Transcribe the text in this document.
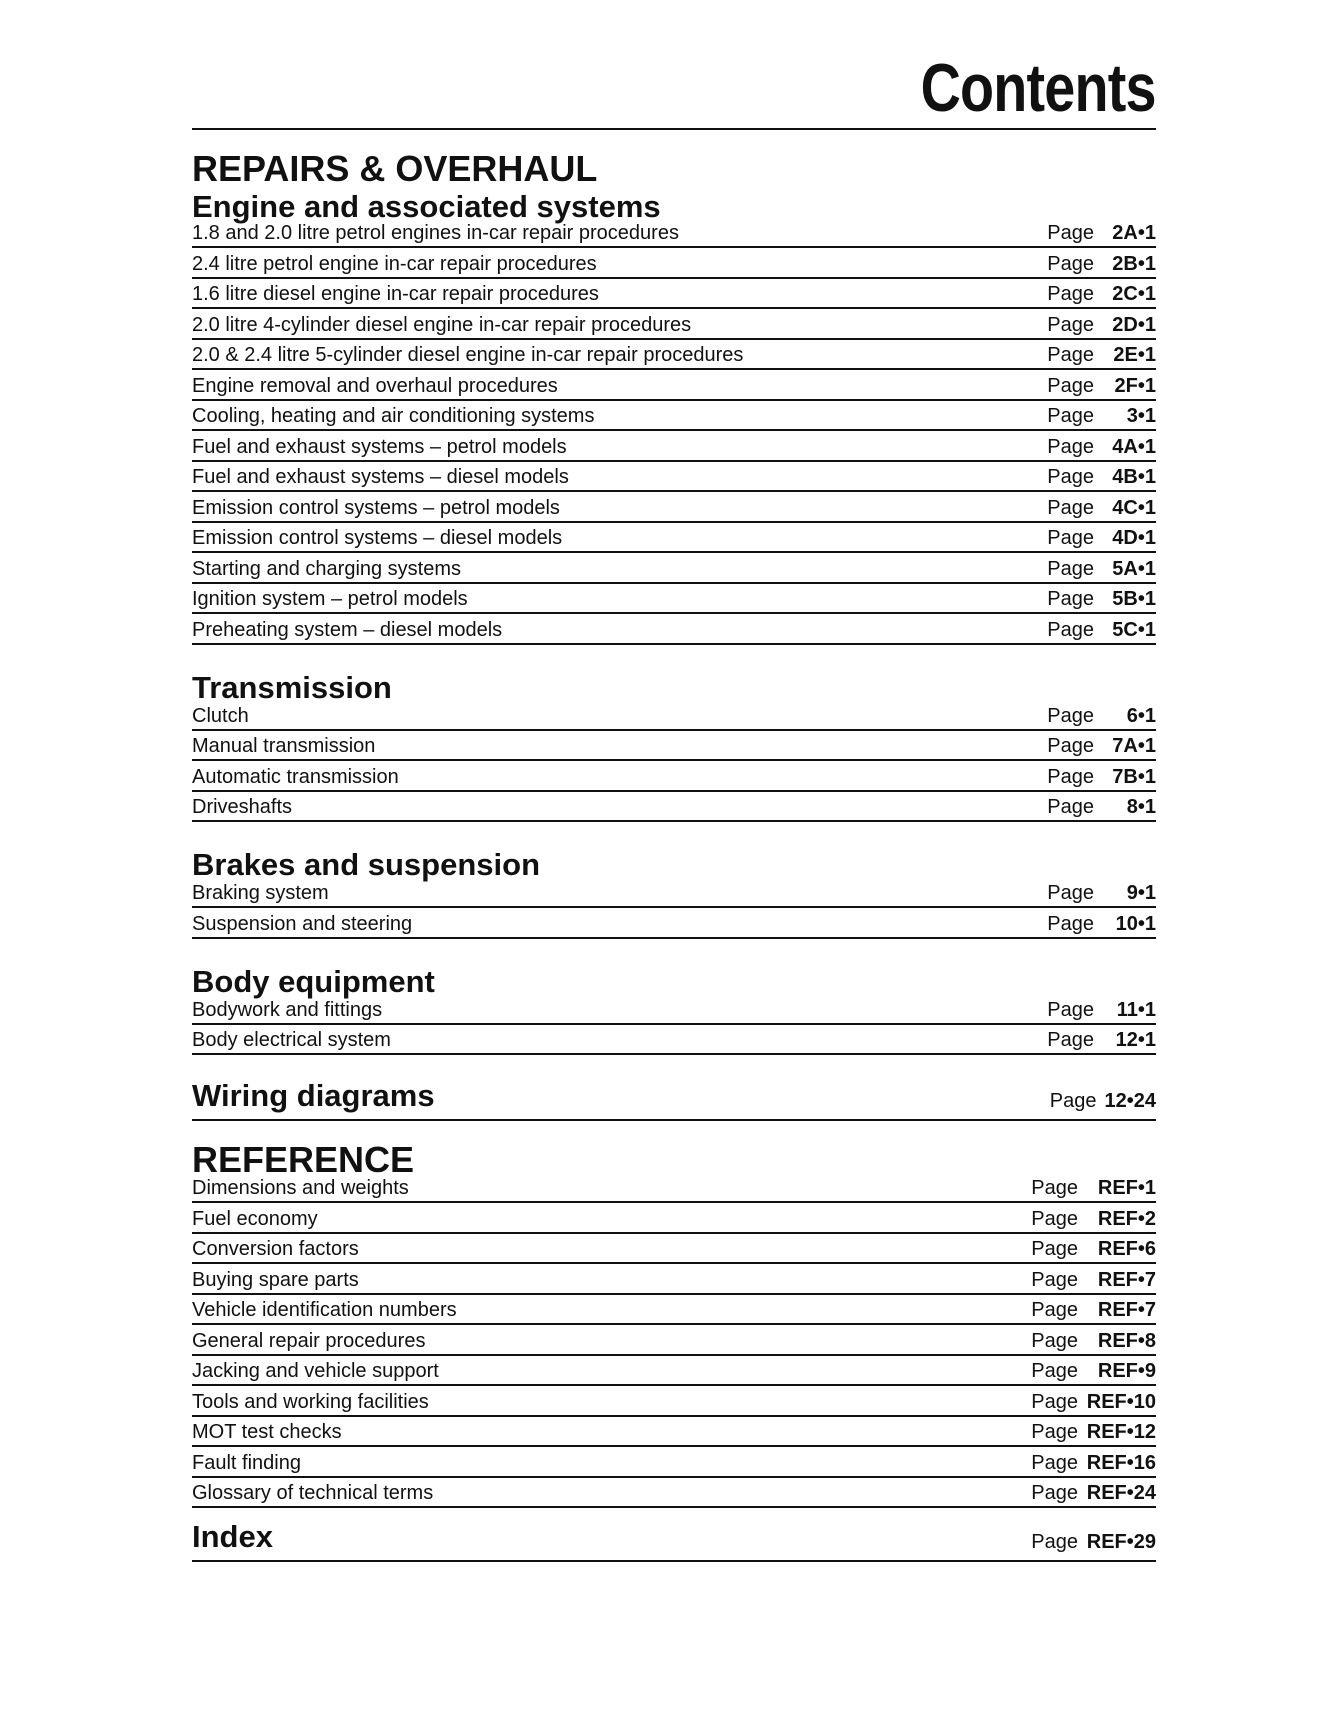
Contents
REPAIRS & OVERHAUL
Engine and associated systems
1.8 and 2.0 litre petrol engines in-car repair procedures	Page 2A•1
2.4 litre petrol engine in-car repair procedures	Page 2B•1
1.6 litre diesel engine in-car repair procedures	Page 2C•1
2.0 litre 4-cylinder diesel engine in-car repair procedures	Page 2D•1
2.0 & 2.4 litre 5-cylinder diesel engine in-car repair procedures	Page 2E•1
Engine removal and overhaul procedures	Page	2F•1
Cooling, heating and air conditioning systems	Page	3•1
Fuel and exhaust systems – petrol models	Page 4A•1
Fuel and exhaust systems – diesel models	Page 4B•1
Emission control systems – petrol models	Page 4C•1
Emission control systems – diesel models	Page 4D•1
Starting and charging systems	Page 5A•1
Ignition system – petrol models	Page 5B•1
Preheating system – diesel models	Page 5C•1
Transmission
Clutch	Page	6•1
Manual transmission	Page 7A•1
Automatic transmission	Page 7B•1
Driveshafts	Page	8•1
Brakes and suspension
Braking system	Page	9•1
Suspension and steering	Page	10•1
Body equipment
Bodywork and fittings	Page	11•1
Body electrical system	Page	12•1
Wiring diagrams	Page 12•24
REFERENCE
Dimensions and weights	Page REF•1
Fuel economy	Page REF•2
Conversion factors	Page REF•6
Buying spare parts	Page REF•7
Vehicle identification numbers	Page REF•7
General repair procedures	Page REF•8
Jacking and vehicle support	Page REF•9
Tools and working facilities	Page REF•10
MOT test checks	Page REF•12
Fault finding	Page REF•16
Glossary of technical terms	Page REF•24
Index	Page REF•29
